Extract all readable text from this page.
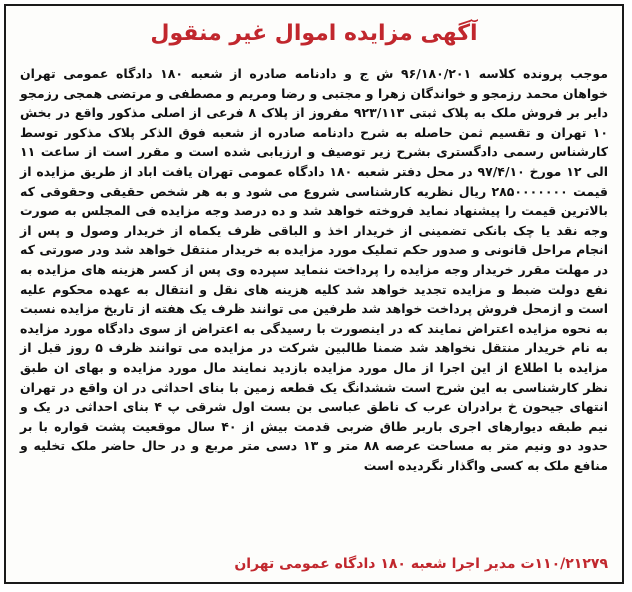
آگهی مزایده اموال غیر منقول

موجب پرونده کلاسه ۹۶/۱۸۰/۲۰۱ ش ج و دادنامه صادره از شعبه ۱۸۰ دادگاه عمومی تهران خواهان محمد رزمجو و خواندگان زهرا و مجتبی و رضا ومریم و مصطفی و مرتضی همجی رزمجو دایر بر فروش ملک به پلاک ثبتی ۹۲۳/۱۱۳ مفروز از پلاک ۸ فرعی از اصلی مذکور واقع در بخش ۱۰ تهران و تقسیم ثمن حاصله به شرح دادنامه صادره از شعبه فوق الذکر پلاک مذکور توسط کارشناس رسمی دادگستری بشرح زیر توصیف و ارزیابی شده است و مقرر است از ساعت ۱۱ الی ۱۲ مورخ ۹۷/۴/۱۰ در محل دفتر شعبه ۱۸۰ دادگاه عمومی تهران یافت اباد از طریق مزایده از قیمت ۲۸۵۰۰۰۰۰۰۰ ریال نظریه کارشناسی شروع می شود و به هر شخص حقیقی وحقوقی که بالاترین قیمت را پیشنهاد نماید فروخته خواهد شد و ده درصد وجه مزایده فی المجلس به صورت وجه نقد یا چک بانکی تضمینی از خریدار اخذ و الباقی ظرف یکماه از خریدار وصول و پس از انجام مراحل قانونی و صدور حکم تملیک مورد مزایده به خریدار منتقل خواهد شد ودر صورتی که در مهلت مقرر خریدار وجه مزایده را پرداخت ننماید سپرده وی پس از کسر هزینه های مزایده به نفع دولت ضبط و مزایده تجدید خواهد شد کلیه هزینه های نقل و انتقال به عهده محکوم علیه است و ازمحل فروش پرداخت خواهد شد طرفین می توانند ظرف یک هفته از تاریخ مزایده نسبت به نحوه مزایده اعتراض نمایند که در اینصورت با رسیدگی به اعتراض از سوی دادگاه مورد مزایده به نام خریدار منتقل نخواهد شد ضمنا طالبین شرکت در مزایده می توانند ظرف ۵ روز قبل از مزایده با اطلاع از این اجرا از مال مورد مزایده بازدید نمایند مال مورد مزایده و بهای ان طبق نظر کارشناسی به این شرح است ششدانگ یک قطعه زمین با بنای احداثی در ان واقع در تهران انتهای جیحون خ برادران عرب ک ناطق عباسی بن بست اول شرقی پ ۴ بنای احداثی در یک و نیم طبقه دیوارهای اجری باربر طاق ضربی قدمت بیش از ۴۰ سال موقعیت پشت قواره با بر حدود دو ونیم متر به مساحت عرصه ۸۸ متر و ۱۳ دسی متر مربع و در حال حاضر ملک تخلیه و منافع ملک به کسی واگذار نگردیده است

۱۱۰/۲۱۲۷۹ت مدیر اجرا شعبه ۱۸۰ دادگاه عمومی تهران
